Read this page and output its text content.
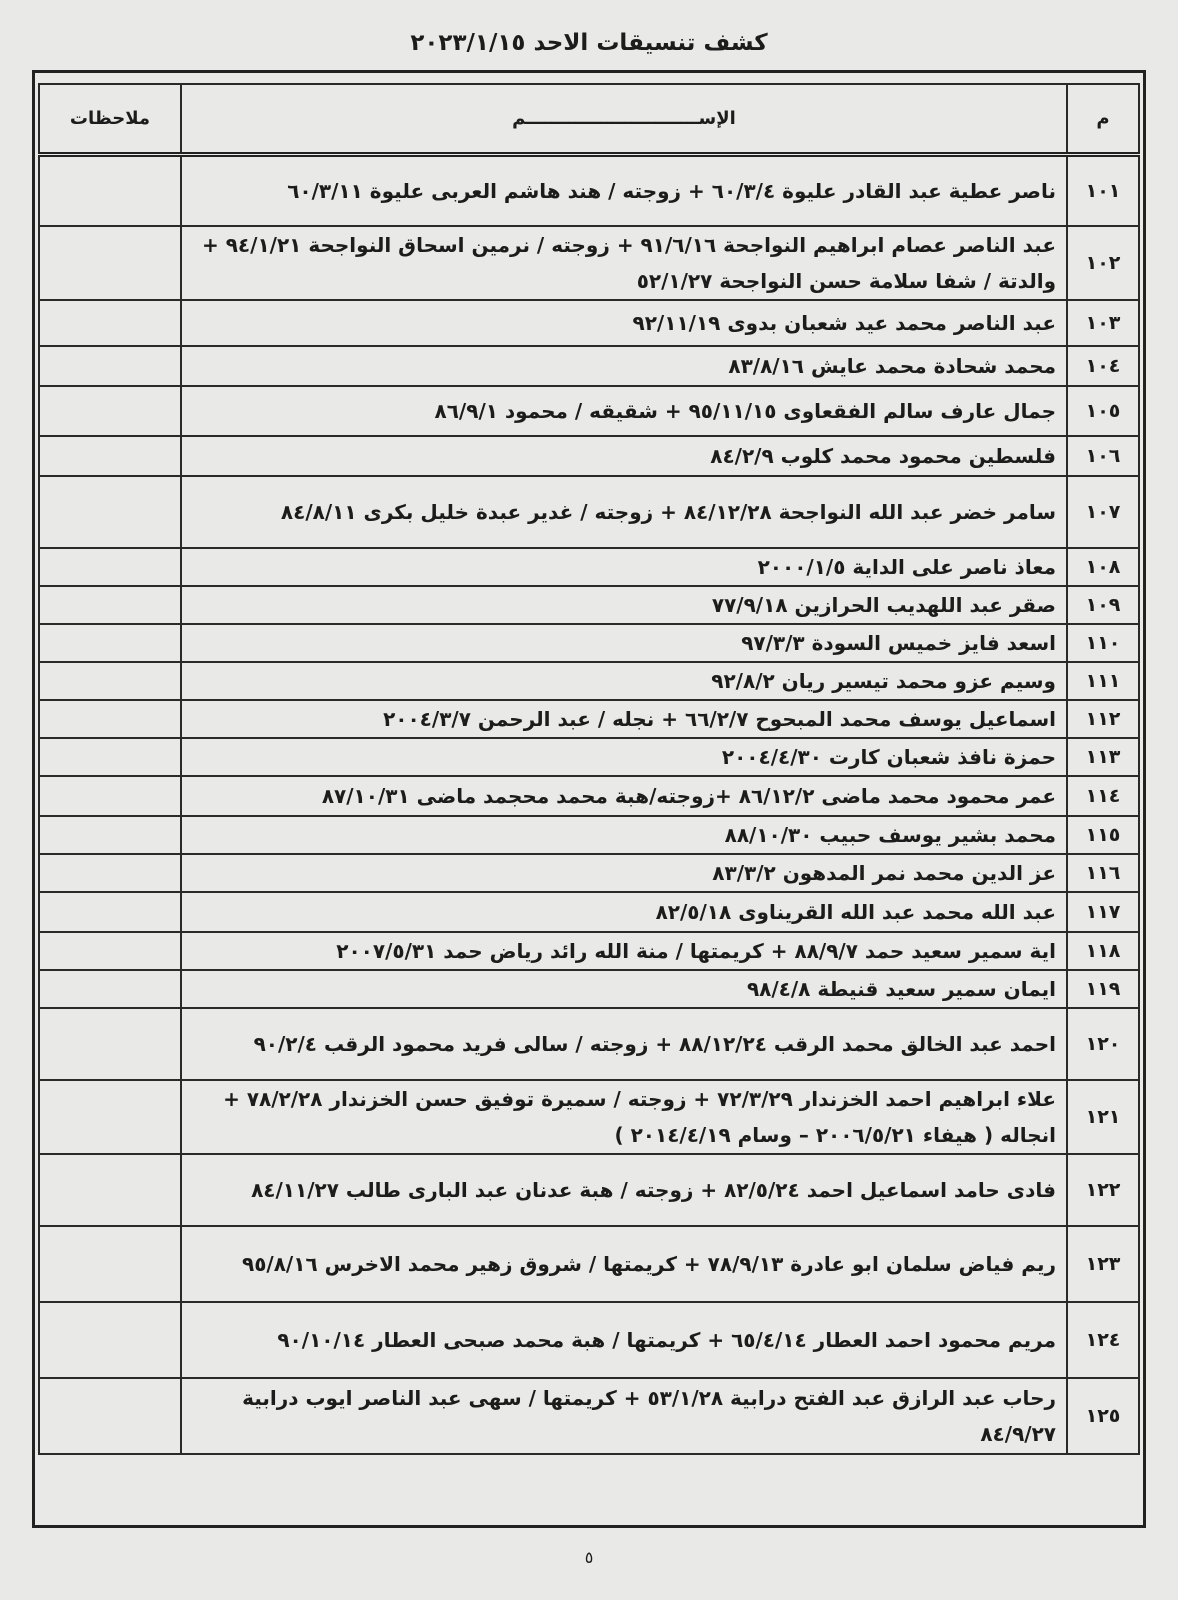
كشف تنسيقات الاحد ٢٠٢٣/١/١٥
م	الإســــــــــــــــــــــــــــم	ملاحظات
١٠١	ناصر عطية عبد القادر عليوة ٦٠/٣/٤ + زوجته / هند هاشم العربى عليوة ٦٠/٣/١١	
١٠٢	عبد الناصر عصام ابراهيم النواجحة ٩١/٦/١٦ + زوجته / نرمين اسحاق النواجحة ٩٤/١/٢١ + والدتة / شفا سلامة حسن النواجحة ٥٢/١/٢٧	
١٠٣	عبد الناصر محمد عيد شعبان بدوى ٩٢/١١/١٩	
١٠٤	محمد شحادة محمد عايش ٨٣/٨/١٦	
١٠٥	جمال عارف سالم الفقعاوى ٩٥/١١/١٥ + شقيقه / محمود ٨٦/٩/١	
١٠٦	فلسطين محمود محمد كلوب ٨٤/٢/٩	
١٠٧	سامر خضر عبد الله النواجحة ٨٤/١٢/٢٨ + زوجته / غدير عبدة خليل بكرى ٨٤/٨/١١	
١٠٨	معاذ ناصر على الداية ٢٠٠٠/١/٥	
١٠٩	صقر عبد اللهديب الحرازين ٧٧/٩/١٨	
١١٠	اسعد فايز خميس السودة ٩٧/٣/٣	
١١١	وسيم عزو محمد تيسير ريان ٩٢/٨/٢	
١١٢	اسماعيل يوسف محمد المبحوح ٦٦/٢/٧ + نجله / عبد الرحمن ٢٠٠٤/٣/٧	
١١٣	حمزة نافذ شعبان كارت ٢٠٠٤/٤/٣٠	
١١٤	عمر محمود محمد ماضى ٨٦/١٢/٢ +زوجته/هبة محمد محجمد ماضى ٨٧/١٠/٣١	
١١٥	محمد بشير يوسف حبيب ٨٨/١٠/٣٠	
١١٦	عز الدين محمد نمر المدهون ٨٣/٣/٢	
١١٧	عبد الله محمد عبد الله القريناوى ٨٢/٥/١٨	
١١٨	اية سمير سعيد حمد ٨٨/٩/٧ + كريمتها / منة الله رائد رياض حمد ٢٠٠٧/٥/٣١	
١١٩	ايمان سمير سعيد قنيطة ٩٨/٤/٨	
١٢٠	احمد عبد الخالق محمد الرقب ٨٨/١٢/٢٤ + زوجته / سالى فريد محمود الرقب ٩٠/٢/٤	
١٢١	علاء ابراهيم احمد الخزندار ٧٢/٣/٢٩ + زوجته / سميرة توفيق حسن الخزندار ٧٨/٢/٢٨ + انجاله ( هيفاء ٢٠٠٦/٥/٢١ – وسام ٢٠١٤/٤/١٩ )	
١٢٢	فادى حامد اسماعيل احمد ٨٢/٥/٢٤ + زوجته / هبة عدنان عبد البارى طالب ٨٤/١١/٢٧	
١٢٣	ريم فياض سلمان ابو عادرة ٧٨/٩/١٣ + كريمتها / شروق زهير محمد الاخرس ٩٥/٨/١٦	
١٢٤	مريم محمود احمد العطار ٦٥/٤/١٤ + كريمتها / هبة محمد صبحى العطار ٩٠/١٠/١٤	
١٢٥	رحاب عبد الرازق عبد الفتح درابية ٥٣/١/٢٨ + كريمتها / سهى عبد الناصر ايوب درابية ٨٤/٩/٢٧	
٥
